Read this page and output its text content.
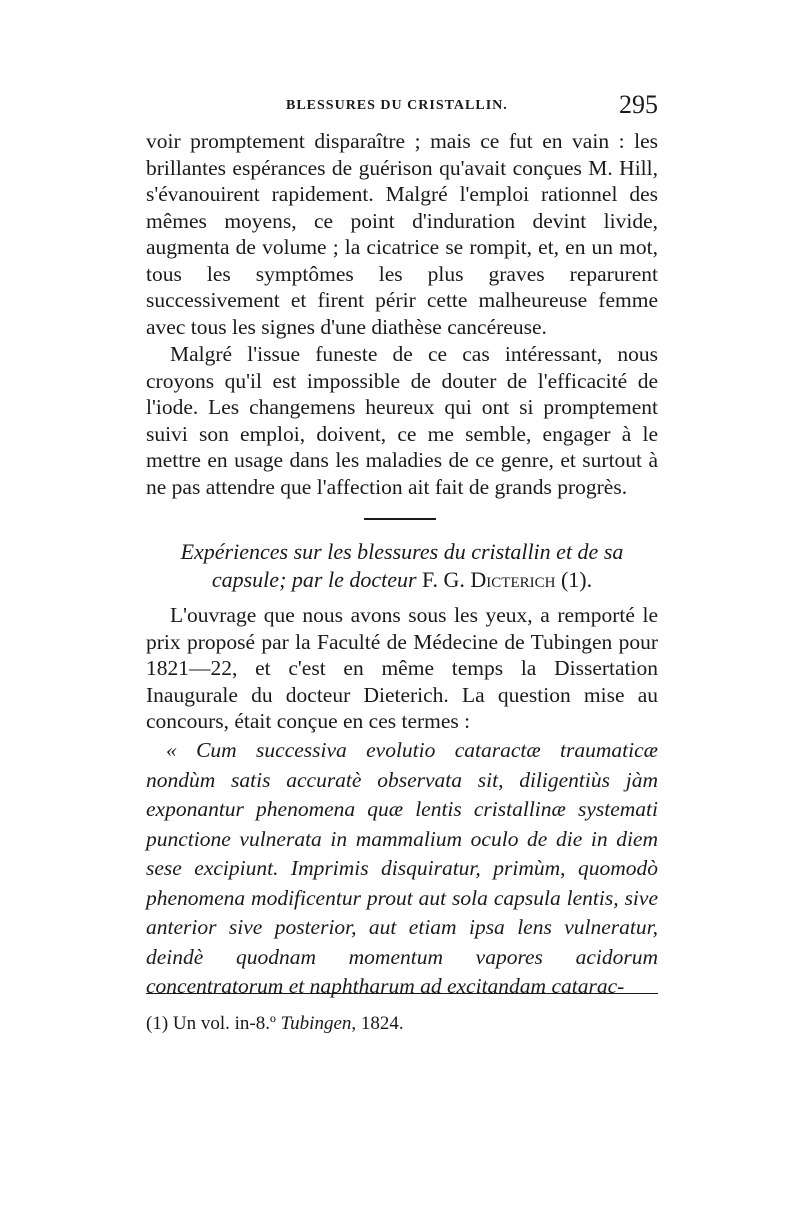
BLESSURES DU CRISTALLIN.	295

voir promptement disparaître ; mais ce fut en vain : les brillantes espérances de guérison qu'avait conçues M. Hill, s'évanouirent rapidement. Malgré l'emploi rationnel des mêmes moyens, ce point d'induration devint livide, augmenta de volume ; la cicatrice se rompit, et, en un mot, tous les symptômes les plus graves reparurent successivement et firent périr cette malheureuse femme avec tous les signes d'une diathèse cancéreuse.

Malgré l'issue funeste de ce cas intéressant, nous croyons qu'il est impossible de douter de l'efficacité de l'iode. Les changemens heureux qui ont si promptement suivi son emploi, doivent, ce me semble, engager à le mettre en usage dans les maladies de ce genre, et surtout à ne pas attendre que l'affection ait fait de grands progrès.

Expériences sur les blessures du cristallin et de sa capsule; par le docteur F. G. Dicterich (1).

L'ouvrage que nous avons sous les yeux, a remporté le prix proposé par la Faculté de Médecine de Tubingen pour 1821—22, et c'est en même temps la Dissertation Inaugurale du docteur Dieterich. La question mise au concours, était conçue en ces termes :

« Cum successiva evolutio cataractæ traumaticæ nondùm satis accuratè observata sit, diligentiùs jàm exponantur phenomena quæ lentis cristallinæ systemati punctione vulnerata in mammalium oculo de die in diem sese excipiunt. Imprimis disquiratur, primùm, quomodò phenomena modificentur prout aut sola capsula lentis, sive anterior sive posterior, aut etiam ipsa lens vulneratur, deindè quodnam momentum vapores acidorum concentratorum et naphtharum ad excitandam catarac-

(1) Un vol. in-8.º Tubingen, 1824.
